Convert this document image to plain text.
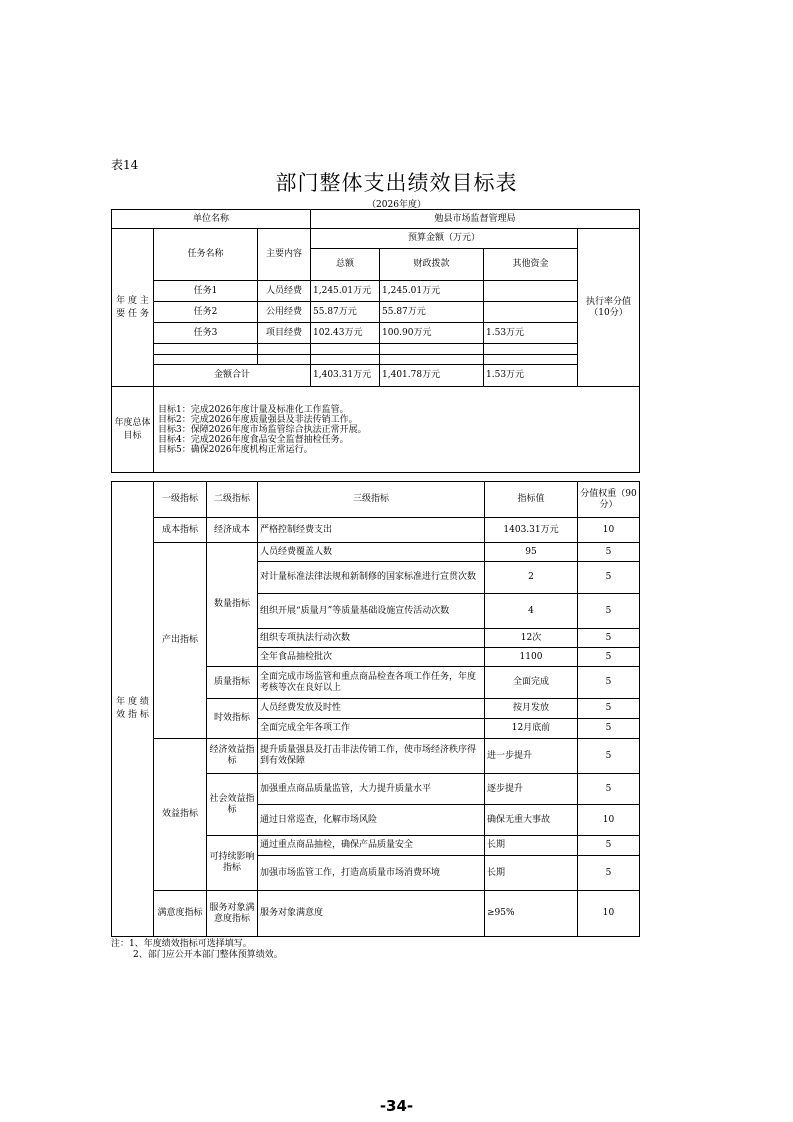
表14
部门整体支出绩效目标表
（2026年度）
单位名称			勉县市场监督管理局			
年 度 主 要 任 务	任务名称	主要内容	预算金额（万元）			执行率分值（10分）
			总额	财政拨款	其他资金	
	任务1	人员经费	1,245.01万元	1,245.01万元		
	任务2	公用经费	55.87万元	55.87万元		
	任务3	项目经费	102.43万元	100.90万元	1.53万元	

	金额合计		1,403.31万元	1,401.78万元	1.53万元	
年度总体目标	目标1：完成2026年度计量及标准化工作监管。
目标2：完成2026年度质量强县及非法传销工作。
目标3：保障2026年度市场监管综合执法正常开展。
目标4：完成2026年度食品安全监督抽检任务。
目标5：确保2026年度机构正常运行。					
年 度 绩 效 指 标	一级指标	二级指标	三级指标	指标值	分值权重（90分）
	成本指标	经济成本	严格控制经费支出	1403.31万元	10
	产出指标	数量指标	人员经费覆盖人数	95	5
			对计量标准法律法规和新制修的国家标准进行宣贯次数	2	5
			组织开展“质量月”等质量基础设施宣传活动次数	4	5
			组织专项执法行动次数	12次	5
			全年食品抽检批次	1100	5
		质量指标	全面完成市场监管和重点商品检查各项工作任务，年度考核等次在良好以上	全面完成	5
		时效指标	人员经费发放及时性	按月发放	5
			全面完成全年各项工作	12月底前	5
	效益指标	经济效益指标	提升质量强县及打击非法传销工作，使市场经济秩序得到有效保障	进一步提升	5
		社会效益指标	加强重点商品质量监管，大力提升质量水平	逐步提升	5
			通过日常巡查，化解市场风险	确保无重大事故	10
		可持续影响指标	通过重点商品抽检，确保产品质量安全	长期	5
			加强市场监管工作，打造高质量市场消费环境	长期	5
	满意度指标	服务对象满意度指标	服务对象满意度	≥95%	10
注：1、年度绩效指标可选择填写。
2、部门应公开本部门整体预算绩效。
-34-
